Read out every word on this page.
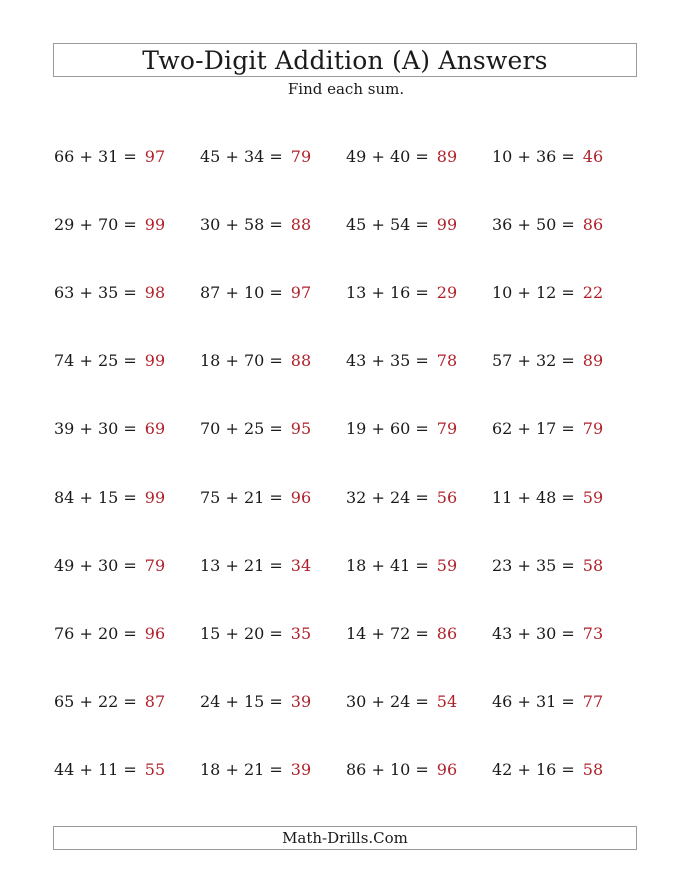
Two-Digit Addition (A) Answers
Find each sum.
66 + 31 = 97 45 + 34 = 79 49 + 40 = 89 10 + 36 = 46
29 + 70 = 99 30 + 58 = 88 45 + 54 = 99 36 + 50 = 86
63 + 35 = 98 87 + 10 = 97 13 + 16 = 29 10 + 12 = 22
74 + 25 = 99 18 + 70 = 88 43 + 35 = 78 57 + 32 = 89
39 + 30 = 69 70 + 25 = 95 19 + 60 = 79 62 + 17 = 79
84 + 15 = 99 75 + 21 = 96 32 + 24 = 56 11 + 48 = 59
49 + 30 = 79 13 + 21 = 34 18 + 41 = 59 23 + 35 = 58
76 + 20 = 96 15 + 20 = 35 14 + 72 = 86 43 + 30 = 73
65 + 22 = 87 24 + 15 = 39 30 + 24 = 54 46 + 31 = 77
44 + 11 = 55 18 + 21 = 39 86 + 10 = 96 42 + 16 = 58
Math-Drills.Com
